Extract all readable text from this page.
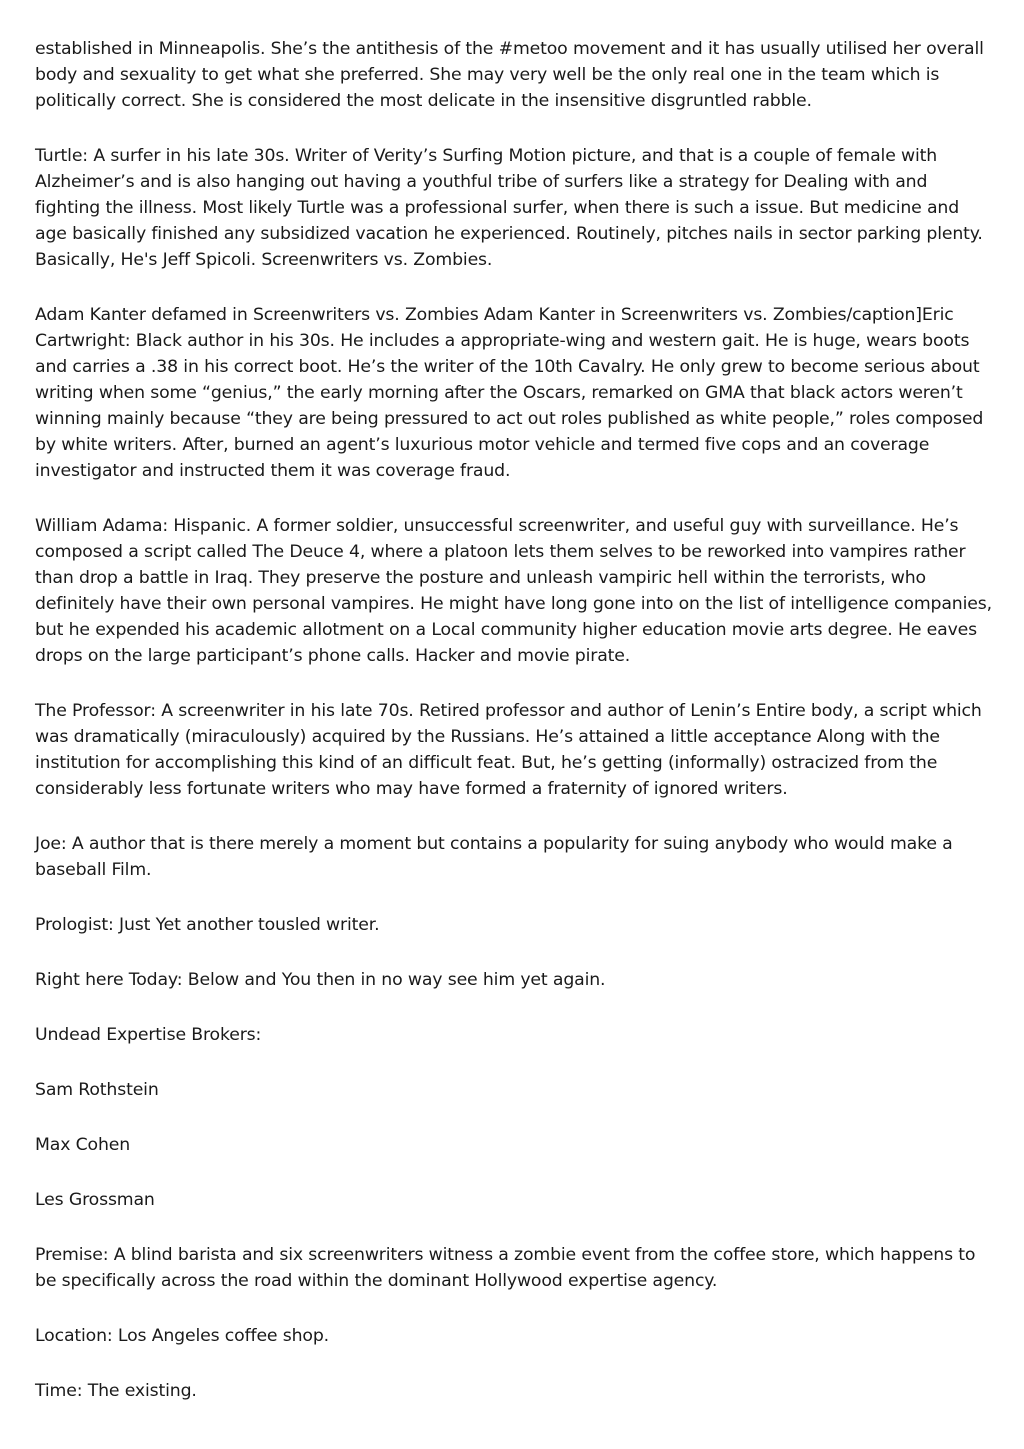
established in Minneapolis. She’s the antithesis of the #metoo movement and it has usually utilised her overall body and sexuality to get what she preferred. She may very well be the only real one in the team which is politically correct. She is considered the most delicate in the insensitive disgruntled rabble.

Turtle: A surfer in his late 30s. Writer of Verity’s Surfing Motion picture, and that is a couple of female with Alzheimer’s and is also hanging out having a youthful tribe of surfers like a strategy for Dealing with and fighting the illness. Most likely Turtle was a professional surfer, when there is such a issue. But medicine and age basically finished any subsidized vacation he experienced. Routinely, pitches nails in sector parking plenty. Basically, He's Jeff Spicoli. Screenwriters vs. Zombies.

Adam Kanter defamed in Screenwriters vs. Zombies Adam Kanter in Screenwriters vs. Zombies/caption]Eric Cartwright: Black author in his 30s. He includes a appropriate-wing and western gait. He is huge, wears boots and carries a .38 in his correct boot. He’s the writer of the 10th Cavalry. He only grew to become serious about writing when some “genius,” the early morning after the Oscars, remarked on GMA that black actors weren’t winning mainly because “they are being pressured to act out roles published as white people,” roles composed by white writers. After, burned an agent’s luxurious motor vehicle and termed five cops and an coverage investigator and instructed them it was coverage fraud.

William Adama: Hispanic. A former soldier, unsuccessful screenwriter, and useful guy with surveillance. He’s composed a script called The Deuce 4, where a platoon lets them selves to be reworked into vampires rather than drop a battle in Iraq. They preserve the posture and unleash vampiric hell within the terrorists, who definitely have their own personal vampires. He might have long gone into on the list of intelligence companies, but he expended his academic allotment on a Local community higher education movie arts degree. He eaves drops on the large participant’s phone calls. Hacker and movie pirate.

The Professor: A screenwriter in his late 70s. Retired professor and author of Lenin’s Entire body, a script which was dramatically (miraculously) acquired by the Russians. He’s attained a little acceptance Along with the institution for accomplishing this kind of an difficult feat. But, he’s getting (informally) ostracized from the considerably less fortunate writers who may have formed a fraternity of ignored writers.

Joe: A author that is there merely a moment but contains a popularity for suing anybody who would make a baseball Film.

Prologist: Just Yet another tousled writer.

Right here Today: Below and You then in no way see him yet again.

Undead Expertise Brokers:

Sam Rothstein

Max Cohen

Les Grossman

Premise: A blind barista and six screenwriters witness a zombie event from the coffee store, which happens to be specifically across the road within the dominant Hollywood expertise agency.

Location: Los Angeles coffee shop.

Time: The existing.
